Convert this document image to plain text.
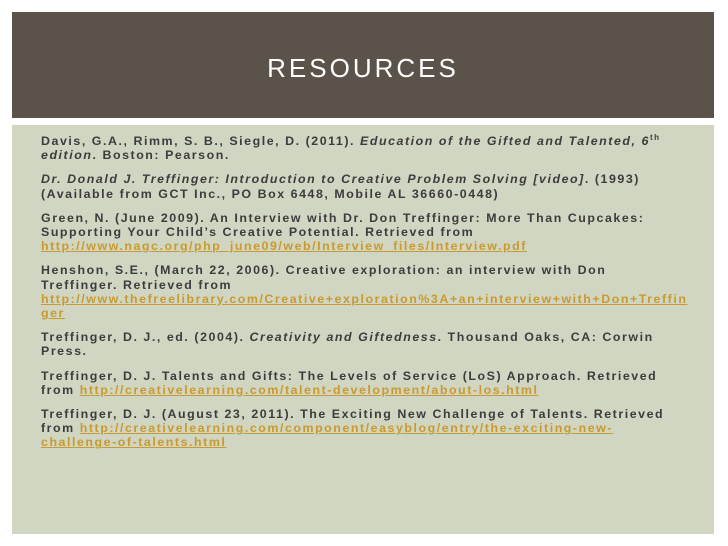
RESOURCES

Davis, G.A., Rimm, S. B., Siegle, D. (2011). Education of the Gifted and Talented, 6th edition. Boston: Pearson.

Dr. Donald J. Treffinger: Introduction to Creative Problem Solving [video]. (1993) (Available from GCT Inc., PO Box 6448, Mobile AL 36660-0448)

Green, N. (June 2009). An Interview with Dr. Don Treffinger: More Than Cupcakes: Supporting Your Child’s Creative Potential. Retrieved from http://www.nagc.org/php_june09/web/Interview_files/Interview.pdf

Henshon, S.E., (March 22, 2006). Creative exploration: an interview with Don Treffinger. Retrieved from http://www.thefreelibrary.com/Creative+exploration%3A+an+interview+with+Don+Treffinger

Treffinger, D. J., ed. (2004). Creativity and Giftedness. Thousand Oaks, CA: Corwin Press.

Treffinger, D. J. Talents and Gifts: The Levels of Service (LoS) Approach. Retrieved from http://creativelearning.com/talent-development/about-los.html

Treffinger, D. J. (August 23, 2011). The Exciting New Challenge of Talents. Retrieved from http://creativelearning.com/component/easyblog/entry/the-exciting-new-challenge-of-talents.html
